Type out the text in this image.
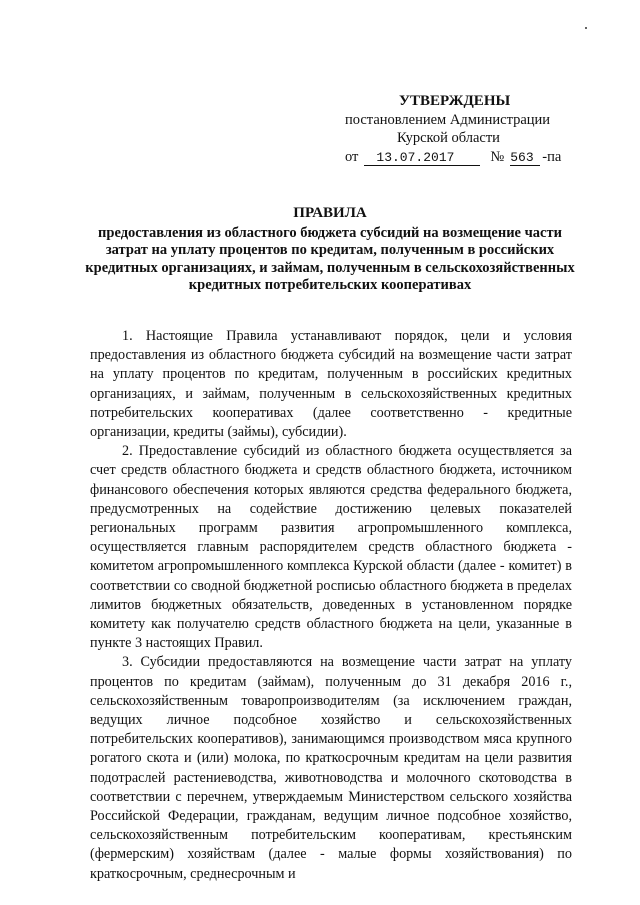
УТВЕРЖДЕНЫ
постановлением Администрации
Курской области
от	13.07.2017	№ 563 -па
ПРАВИЛА
предоставления из областного бюджета субсидий на возмещение части затрат на уплату процентов по кредитам, полученным в российских кредитных организациях, и займам, полученным в сельскохозяйственных кредитных потребительских кооперативах

1. Настоящие Правила устанавливают порядок, цели и условия предоставления из областного бюджета субсидий на возмещение части затрат на уплату процентов по кредитам, полученным в российских кредитных организациях, и займам, полученным в сельскохозяйственных кредитных потребительских кооперативах (далее соответственно - кредитные организации, кредиты (займы), субсидии).

2. Предоставление субсидий из областного бюджета осуществляется за счет средств областного бюджета и средств областного бюджета, источником финансового обеспечения которых являются средства федерального бюджета, предусмотренных на содействие достижению целевых показателей региональных программ развития агропромышленного комплекса, осуществляется главным распорядителем средств областного бюджета - комитетом агропромышленного комплекса Курской области (далее - комитет) в соответствии со сводной бюджетной росписью областного бюджета в пределах лимитов бюджетных обязательств, доведенных в установленном порядке комитету как получателю средств областного бюджета на цели, указанные в пункте 3 настоящих Правил.

3. Субсидии предоставляются на возмещение части затрат на уплату процентов по кредитам (займам), полученным до 31 декабря 2016 г., сельскохозяйственным товаропроизводителям (за исключением граждан, ведущих личное подсобное хозяйство и сельскохозяйственных потребительских кооперативов), занимающимся производством мяса крупного рогатого скота и (или) молока, по краткосрочным кредитам на цели развития подотраслей растениеводства, животноводства и молочного скотоводства в соответствии с перечнем, утверждаемым Министерством сельского хозяйства Российской Федерации, гражданам, ведущим личное подсобное хозяйство, сельскохозяйственным потребительским кооперативам, крестьянским (фермерским) хозяйствам (далее - малые формы хозяйствования) по краткосрочным, среднесрочным и
